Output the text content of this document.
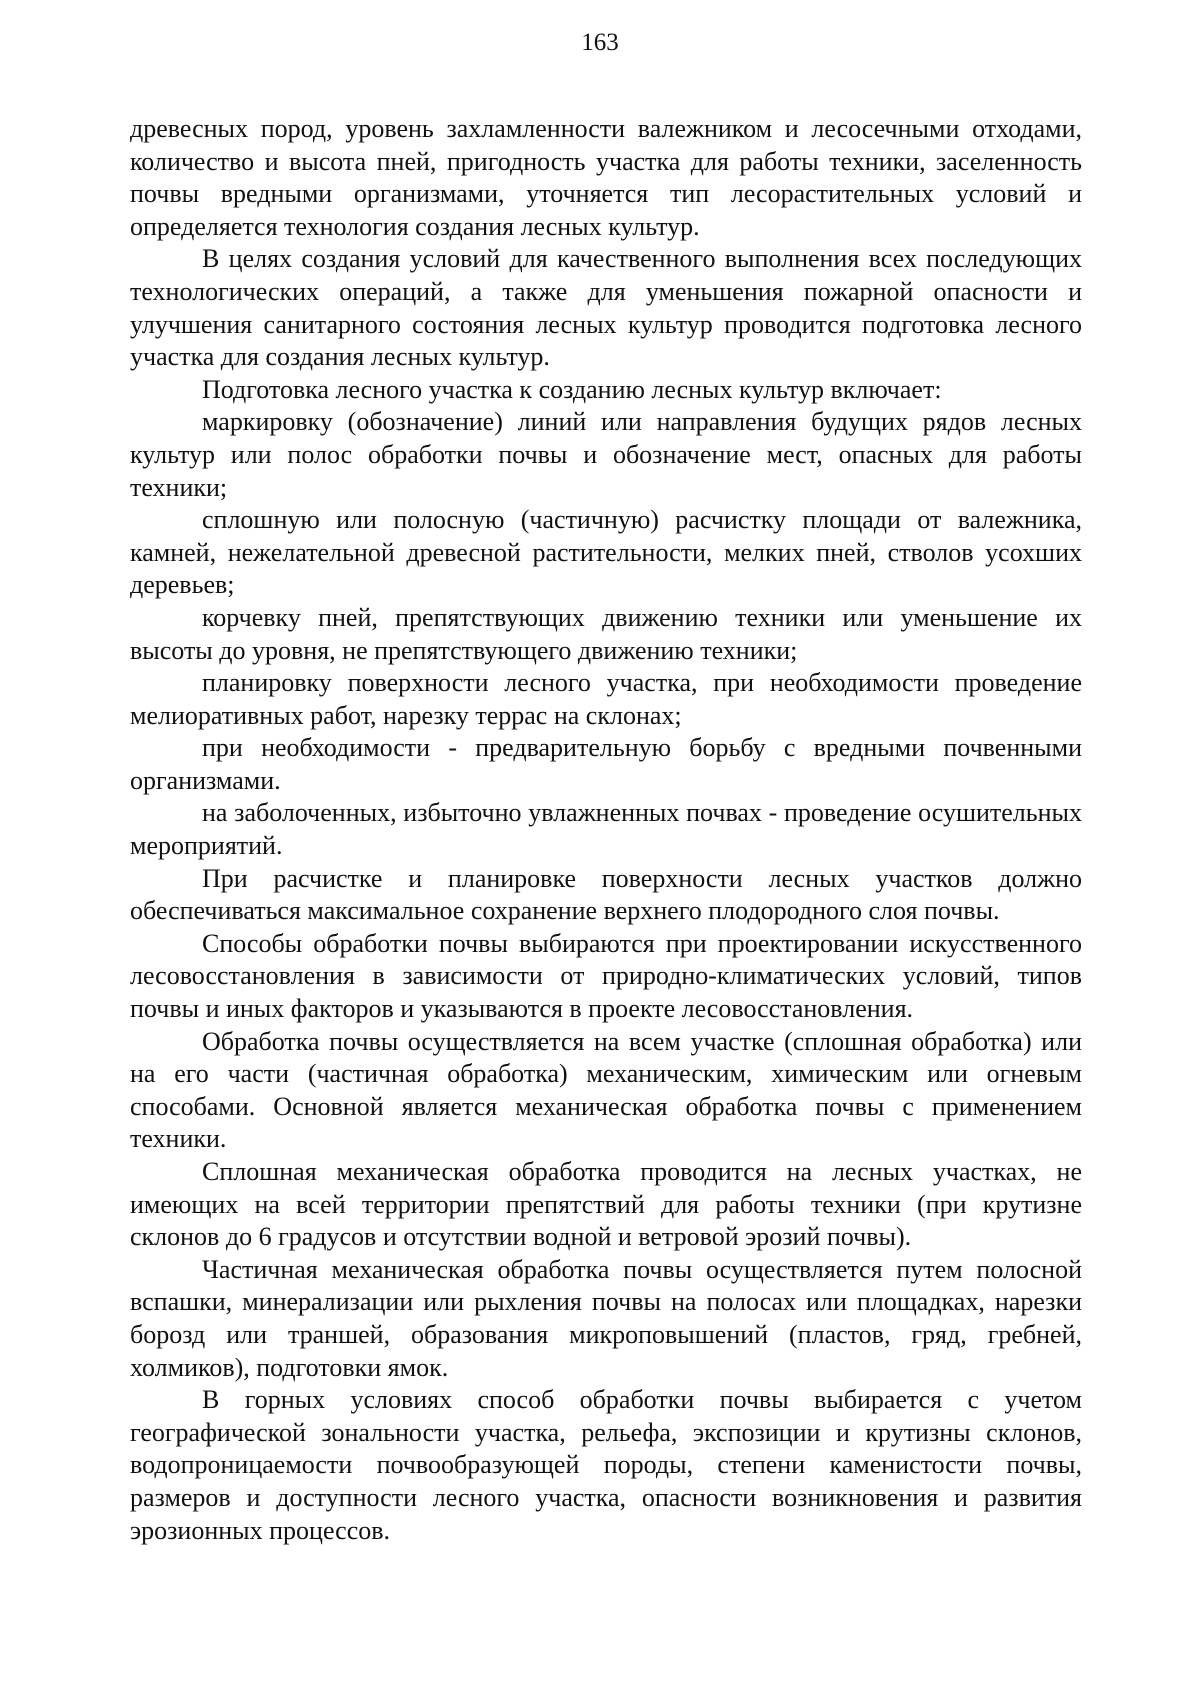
163

древесных пород, уровень захламленности валежником и лесосечными отходами, количество и высота пней, пригодность участка для работы техники, заселенность почвы вредными организмами, уточняется тип лесорастительных условий и определяется технология создания лесных культур.

В целях создания условий для качественного выполнения всех последующих технологических операций, а также для уменьшения пожарной опасности и улучшения санитарного состояния лесных культур проводится подготовка лесного участка для создания лесных культур.

Подготовка лесного участка к созданию лесных культур включает:

маркировку (обозначение) линий или направления будущих рядов лесных культур или полос обработки почвы и обозначение мест, опасных для работы техники;

сплошную или полосную (частичную) расчистку площади от валежника, камней, нежелательной древесной растительности, мелких пней, стволов усохших деревьев;

корчевку пней, препятствующих движению техники или уменьшение их высоты до уровня, не препятствующего движению техники;

планировку поверхности лесного участка, при необходимости проведение мелиоративных работ, нарезку террас на склонах;

при необходимости - предварительную борьбу с вредными почвенными организмами.

на заболоченных, избыточно увлажненных почвах - проведение осушительных мероприятий.

При расчистке и планировке поверхности лесных участков должно обеспечиваться максимальное сохранение верхнего плодородного слоя почвы.

Способы обработки почвы выбираются при проектировании искусственного лесовосстановления в зависимости от природно-климатических условий, типов почвы и иных факторов и указываются в проекте лесовосстановления.

Обработка почвы осуществляется на всем участке (сплошная обработка) или на его части (частичная обработка) механическим, химическим или огневым способами. Основной является механическая обработка почвы с применением техники.

Сплошная механическая обработка проводится на лесных участках, не имеющих на всей территории препятствий для работы техники (при крутизне склонов до 6 градусов и отсутствии водной и ветровой эрозий почвы).

Частичная механическая обработка почвы осуществляется путем полосной вспашки, минерализации или рыхления почвы на полосах или площадках, нарезки борозд или траншей, образования микроповышений (пластов, гряд, гребней, холмиков), подготовки ямок.

В горных условиях способ обработки почвы выбирается с учетом географической зональности участка, рельефа, экспозиции и крутизны склонов, водопроницаемости почвообразующей породы, степени каменистости почвы, размеров и доступности лесного участка, опасности возникновения и развития эрозионных процессов.
